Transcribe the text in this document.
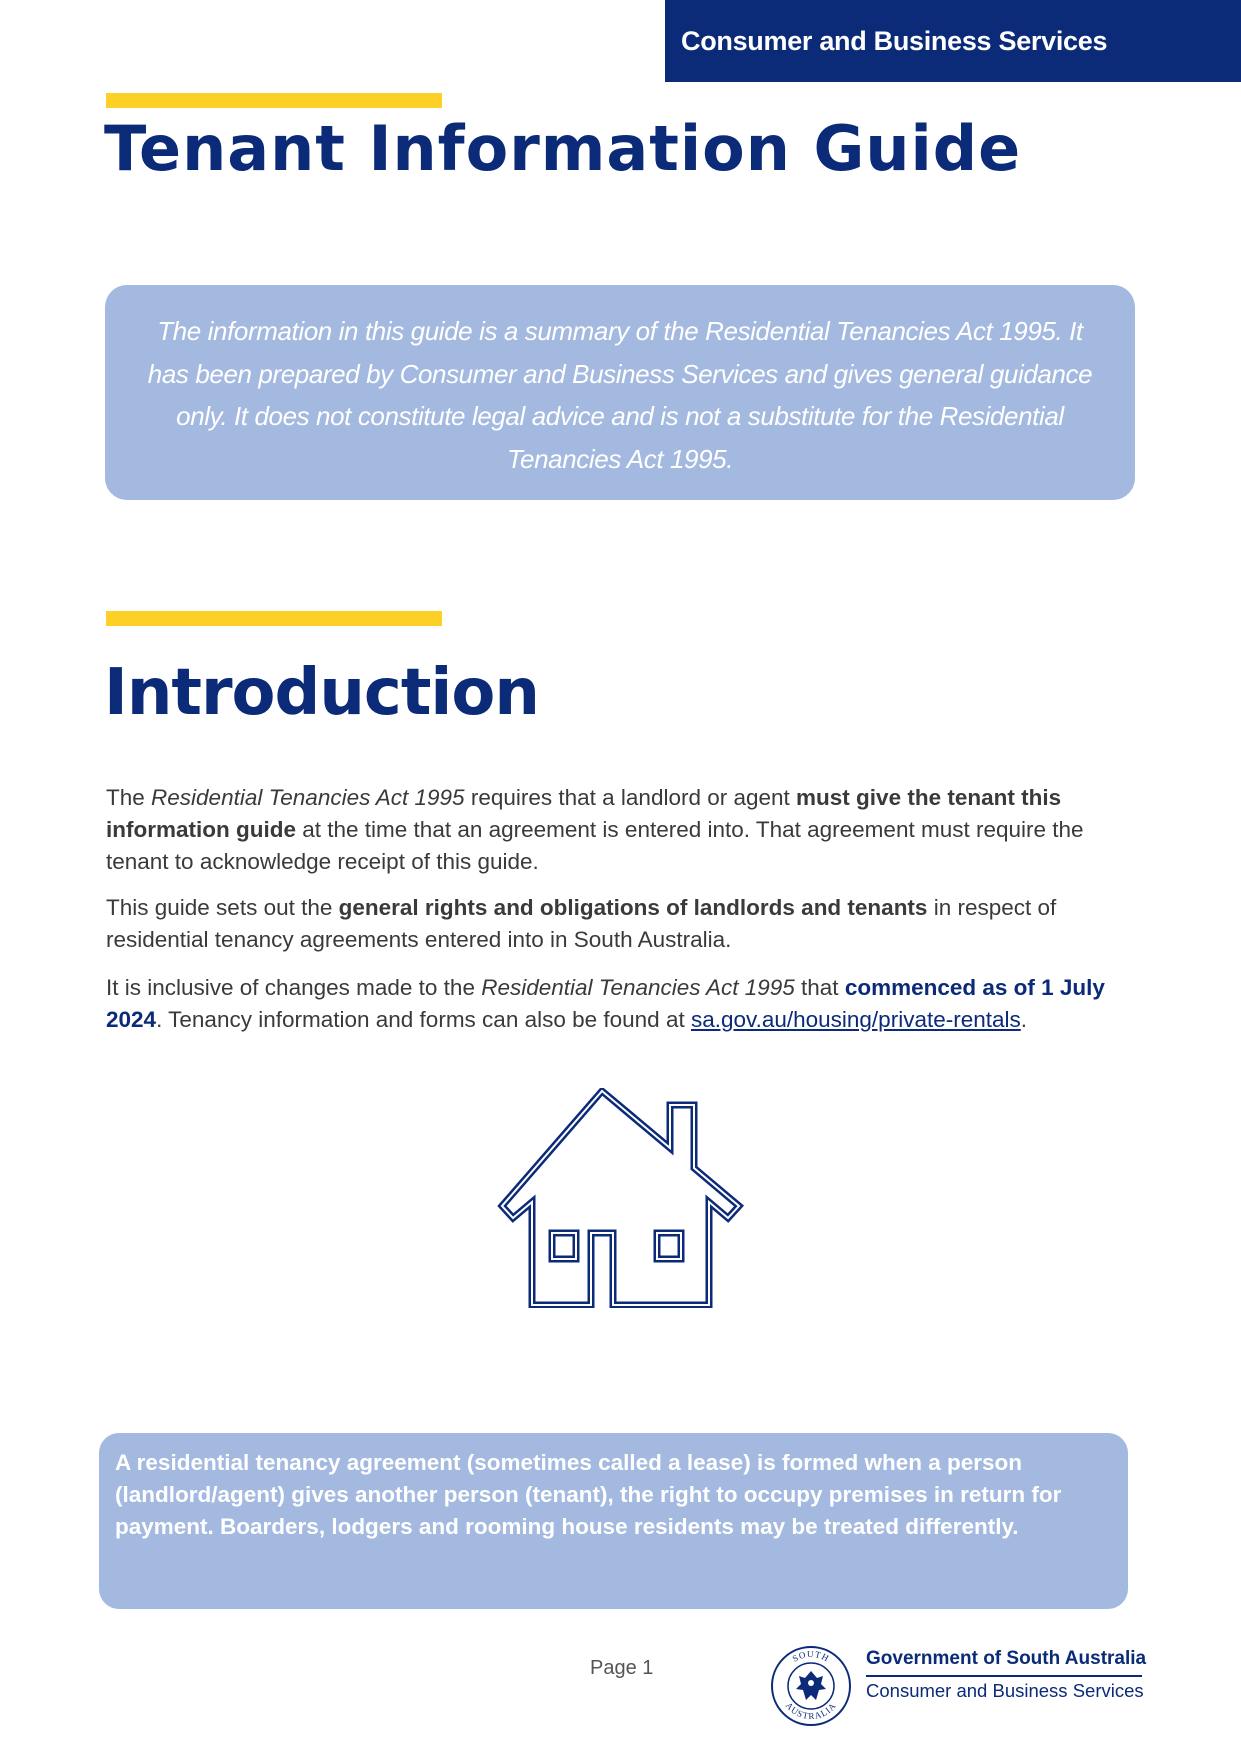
Consumer and Business Services
Tenant Information Guide
The information in this guide is a summary of the Residential Tenancies Act 1995. It has been prepared by Consumer and Business Services and gives general guidance only. It does not constitute legal advice and is not a substitute for the Residential Tenancies Act 1995.
Introduction

The Residential Tenancies Act 1995 requires that a landlord or agent must give the tenant this information guide at the time that an agreement is entered into. That agreement must require the tenant to acknowledge receipt of this guide.

This guide sets out the general rights and obligations of landlords and tenants in respect of residential tenancy agreements entered into in South Australia.

It is inclusive of changes made to the Residential Tenancies Act 1995 that commenced as of 1 July 2024. Tenancy information and forms can also be found at sa.gov.au/housing/private-rentals.

A residential tenancy agreement (sometimes called a lease) is formed when a person (landlord/agent) gives another person (tenant), the right to occupy premises in return for payment. Boarders, lodgers and rooming house residents may be treated differently.
Page 1	SOUTH
AUSTRALIA
Government of South Australia
Consumer and Business Services
